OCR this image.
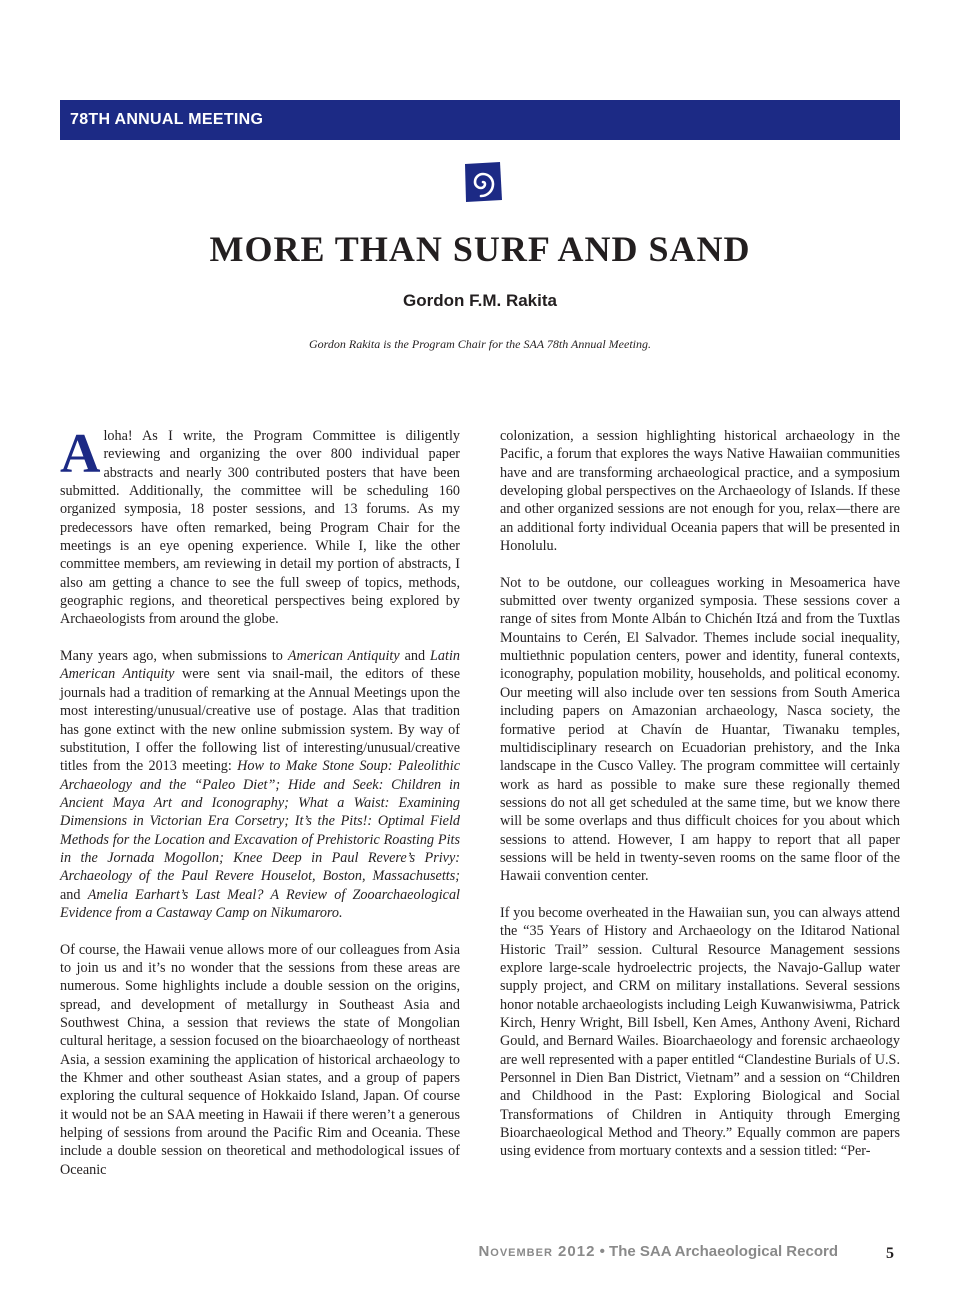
78TH ANNUAL MEETING
MORE THAN SURF AND SAND
Gordon F.M. Rakita
Gordon Rakita is the Program Chair for the SAA 78th Annual Meeting.

Aloha! As I write, the Program Committee is diligently reviewing and organizing the over 800 individual paper abstracts and nearly 300 contributed posters that have been submitted. Additionally, the committee will be scheduling 160 organized symposia, 18 poster sessions, and 13 forums. As my predecessors have often remarked, being Program Chair for the meetings is an eye opening experience. While I, like the other committee members, am reviewing in detail my portion of abstracts, I also am getting a chance to see the full sweep of topics, methods, geographic regions, and theoretical perspectives being explored by Archaeologists from around the globe.

Many years ago, when submissions to American Antiquity and Latin American Antiquity were sent via snail-mail, the editors of these journals had a tradition of remarking at the Annual Meetings upon the most interesting/unusual/creative use of postage. Alas that tradition has gone extinct with the new online submission system. By way of substitution, I offer the following list of interesting/unusual/creative titles from the 2013 meeting: How to Make Stone Soup: Paleolithic Archaeology and the “Paleo Diet”; Hide and Seek: Children in Ancient Maya Art and Iconography; What a Waist: Examining Dimensions in Victorian Era Corsetry; It’s the Pits!: Optimal Field Methods for the Location and Excavation of Prehistoric Roasting Pits in the Jornada Mogollon; Knee Deep in Paul Revere’s Privy: Archaeology of the Paul Revere Houselot, Boston, Massachusetts; and Amelia Earhart’s Last Meal? A Review of Zooarchaeological Evidence from a Castaway Camp on Nikumaroro.

Of course, the Hawaii venue allows more of our colleagues from Asia to join us and it’s no wonder that the sessions from these areas are numerous. Some highlights include a double session on the origins, spread, and development of metallurgy in Southeast Asia and Southwest China, a session that reviews the state of Mongolian cultural heritage, a session focused on the bioarchaeology of northeast Asia, a session examining the application of historical archaeology to the Khmer and other southeast Asian states, and a group of papers exploring the cultural sequence of Hokkaido Island, Japan. Of course it would not be an SAA meeting in Hawaii if there weren’t a generous helping of sessions from around the Pacific Rim and Oceania. These include a double session on theoretical and methodological issues of Oceanic

colonization, a session highlighting historical archaeology in the Pacific, a forum that explores the ways Native Hawaiian communities have and are transforming archaeological practice, and a symposium developing global perspectives on the Archaeology of Islands. If these and other organized sessions are not enough for you, relax—there are an additional forty individual Oceania papers that will be presented in Honolulu.

Not to be outdone, our colleagues working in Mesoamerica have submitted over twenty organized symposia. These sessions cover a range of sites from Monte Albán to Chichén Itzá and from the Tuxtlas Mountains to Cerén, El Salvador. Themes include social inequality, multiethnic population centers, power and identity, funeral contexts, iconography, population mobility, households, and political economy. Our meeting will also include over ten sessions from South America including papers on Amazonian archaeology, Nasca society, the formative period at Chavín de Huantar, Tiwanaku temples, multidisciplinary research on Ecuadorian prehistory, and the Inka landscape in the Cusco Valley. The program committee will certainly work as hard as possible to make sure these regionally themed sessions do not all get scheduled at the same time, but we know there will be some overlaps and thus difficult choices for you about which sessions to attend. However, I am happy to report that all paper sessions will be held in twenty-seven rooms on the same floor of the Hawaii convention center.

If you become overheated in the Hawaiian sun, you can always attend the “35 Years of History and Archaeology on the Iditarod National Historic Trail” session. Cultural Resource Management sessions explore large-scale hydroelectric projects, the Navajo-Gallup water supply project, and CRM on military installations. Several sessions honor notable archaeologists including Leigh Kuwanwisiwma, Patrick Kirch, Henry Wright, Bill Isbell, Ken Ames, Anthony Aveni, Richard Gould, and Bernard Wailes. Bioarchaeology and forensic archaeology are well represented with a paper entitled “Clandestine Burials of U.S. Personnel in Dien Ban District, Vietnam” and a session on “Children and Childhood in the Past: Exploring Biological and Social Transformations of Children in Antiquity through Emerging Bioarchaeological Method and Theory.” Equally common are papers using evidence from mortuary contexts and a session titled: “Per-

November 2012 • The SAA Archaeological Record	5
